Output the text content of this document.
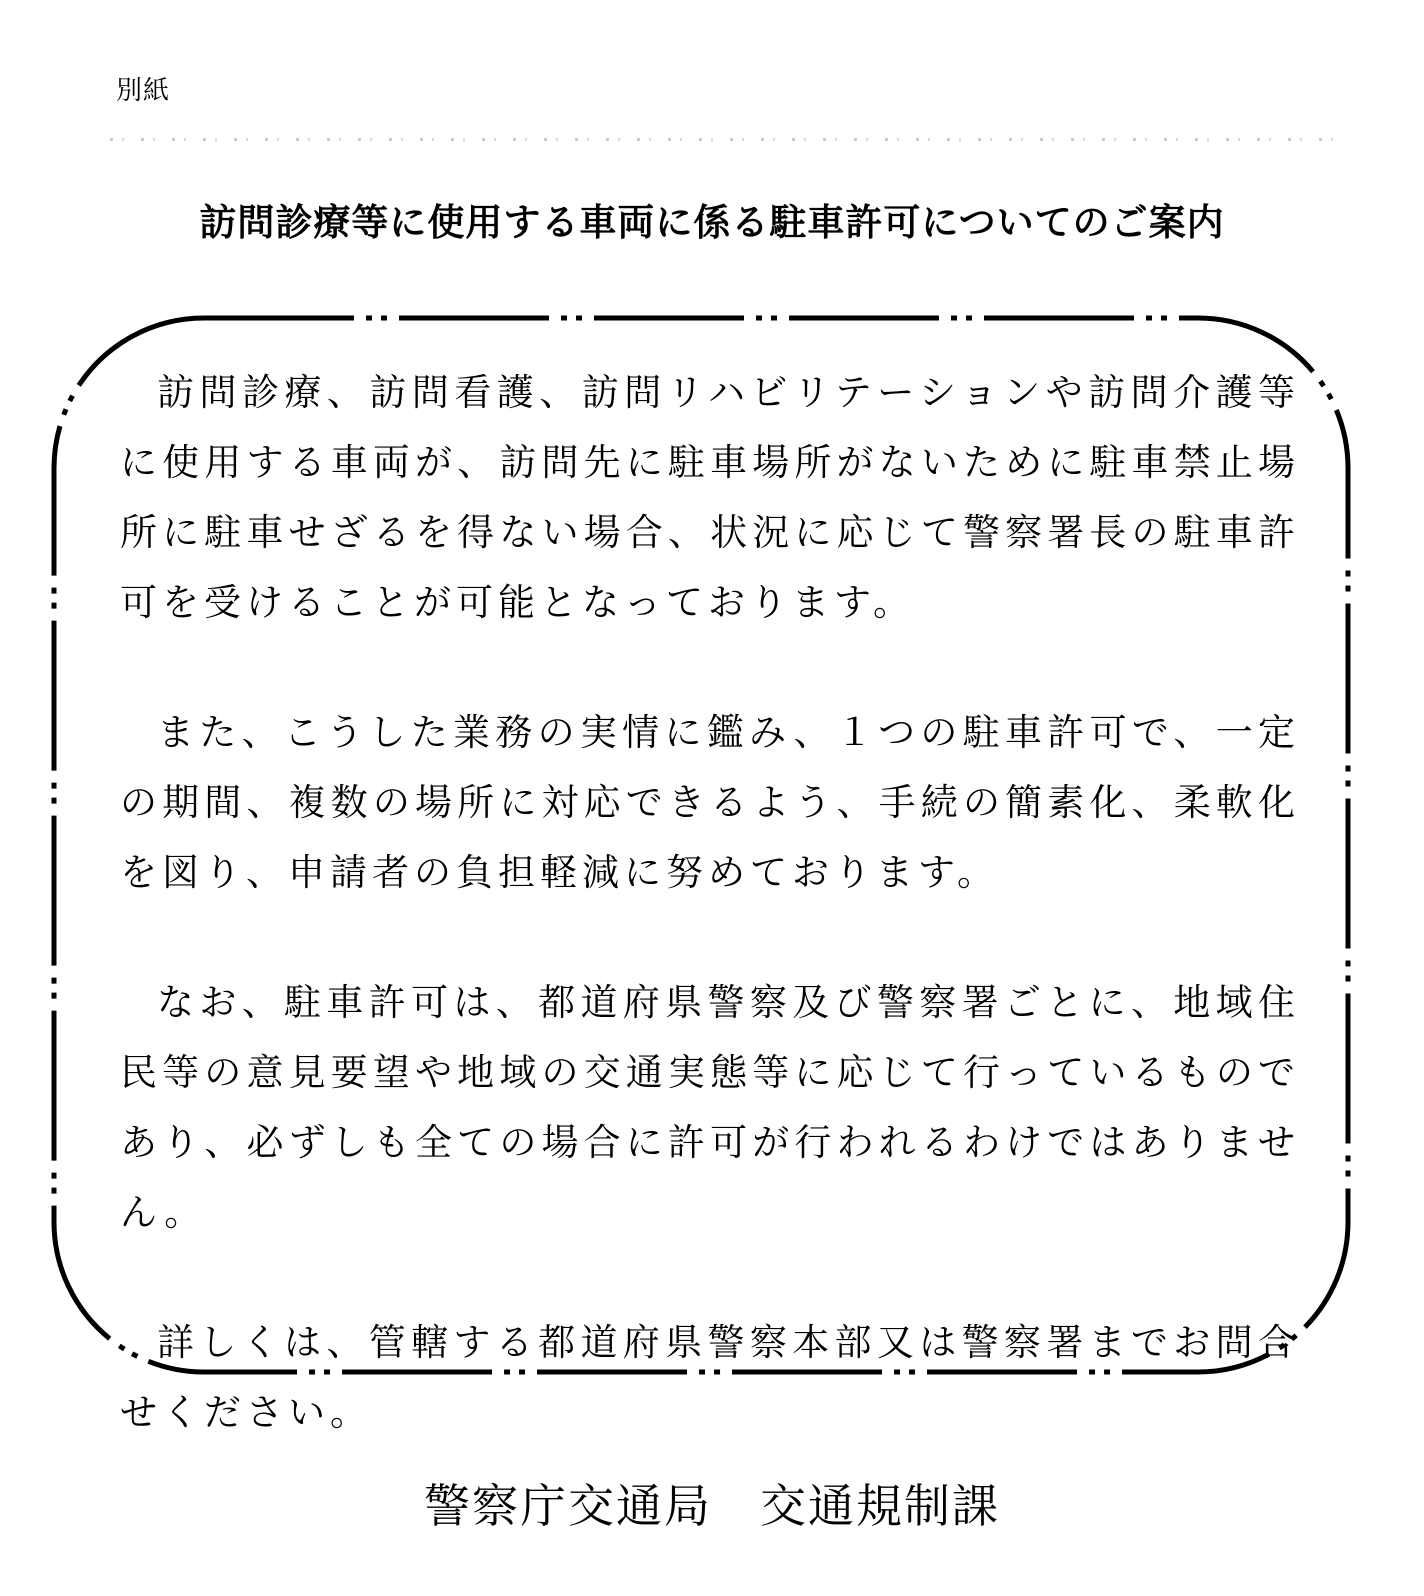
別紙
訪問診療等に使用する車両に係る駐車許可についてのご案内

訪問診療、訪問看護、訪問リハビリテーションや訪問介護等に使用する車両が、訪問先に駐車場所がないために駐車禁止場所に駐車せざるを得ない場合、状況に応じて警察署長の駐車許可を受けることが可能となっております。

また、こうした業務の実情に鑑み、１つの駐車許可で、一定の期間、複数の場所に対応できるよう、手続の簡素化、柔軟化を図り、申請者の負担軽減に努めております。

なお、駐車許可は、都道府県警察及び警察署ごとに、地域住民等の意見要望や地域の交通実態等に応じて行っているものであり、必ずしも全ての場合に許可が行われるわけではありません。

詳しくは、管轄する都道府県警察本部又は警察署までお問合せください。

警察庁交通局　交通規制課
